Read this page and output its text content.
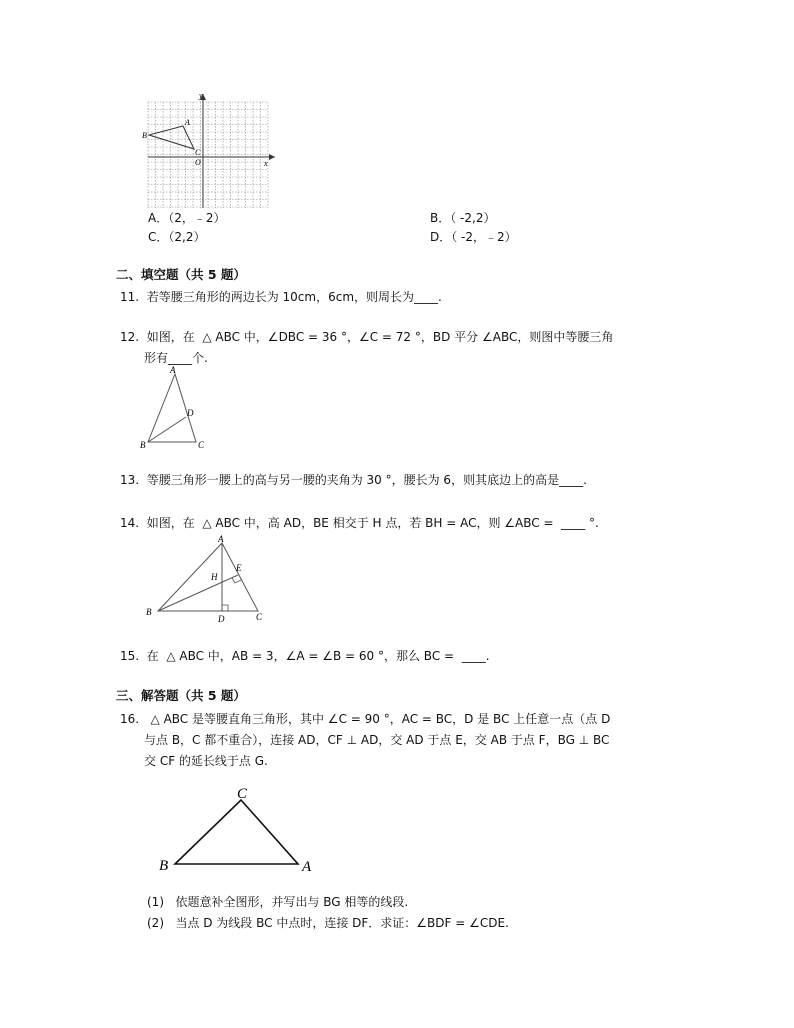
y
x
O
A
B
C
A．（2，﹣2）	B．（ -2,2）
C．（2,2）	D．（ -2，﹣2）
二、填空题（共 5 题）
11.  若等腰三角形的两边长为 10cm，6cm，则周长为____.
12.  如图，在  △ ABC 中，∠DBC = 36 °，∠C = 72 °，BD 平分 ∠ABC，则图中等腰三角
形有____个.
A
B	C
D
13.  等腰三角形一腰上的高与另一腰的夹角为 30 °，腰长为 6，则其底边上的高是____.
14.  如图，在  △ ABC 中，高 AD，BE 相交于 H 点，若 BH = AC，则 ∠ABC =  ____ °.
A
B	C
D
E
H
15.  在  △ ABC 中，AB = 3，∠A = ∠B = 60 °，那么 BC =  ____.
三、解答题（共 5 题）
16.   △ ABC 是等腰直角三角形，其中 ∠C = 90 °，AC = BC，D 是 BC 上任意一点（点 D
与点 B，C 都不重合），连接 AD，CF ⊥ AD，交 AD 于点 E，交 AB 于点 F，BG ⊥ BC
交 CF 的延长线于点 G.
B
C
A
(1)   依题意补全图形，并写出与 BG 相等的线段.
(2)   当点 D 为线段 BC 中点时，连接 DF．求证：∠BDF = ∠CDE.
